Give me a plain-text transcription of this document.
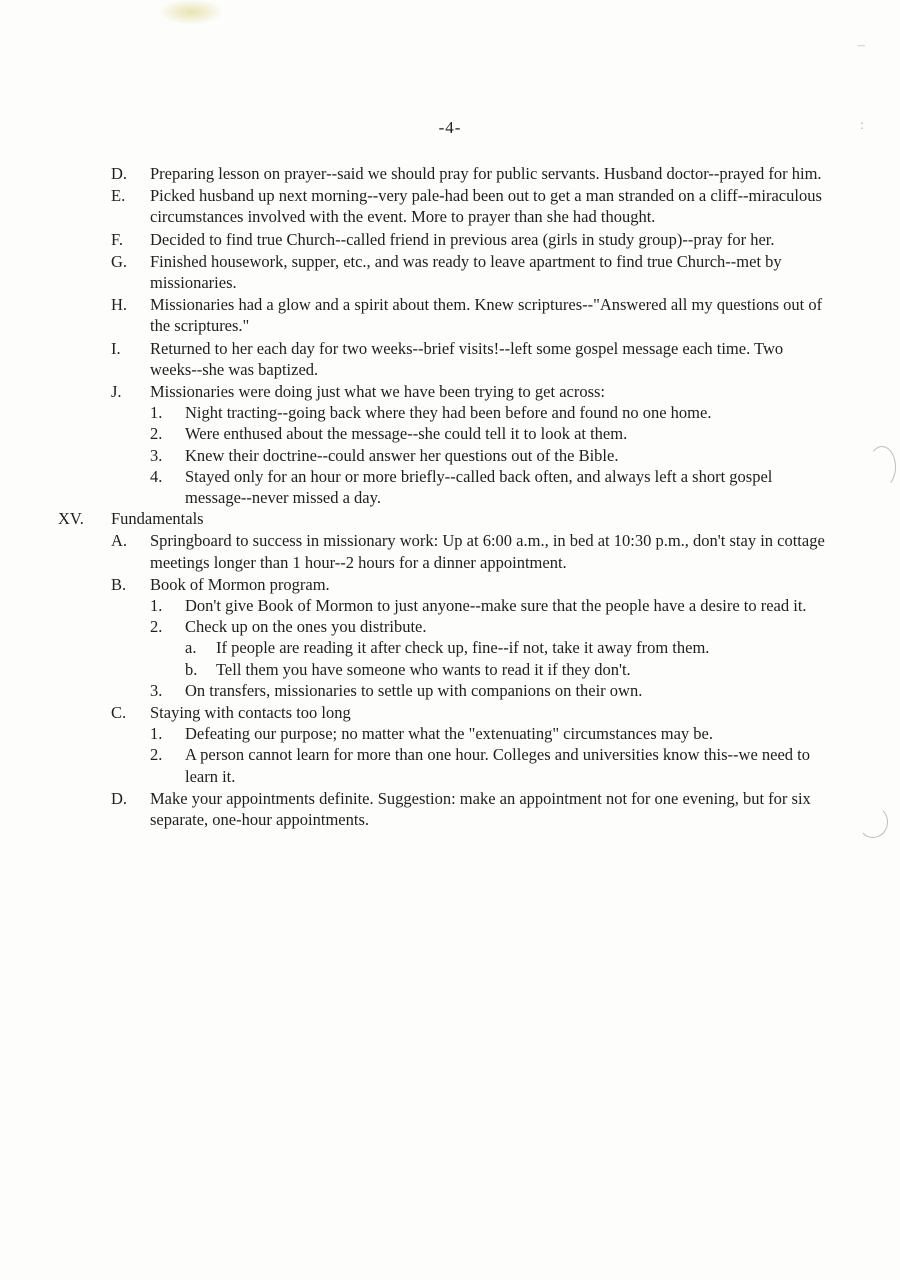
–
:
-4-
D. Preparing lesson on prayer--said we should pray for public servants. Husband doctor--prayed for him.
E. Picked husband up next morning--very pale-had been out to get a man stranded on a cliff--miraculous circumstances involved with the event. More to prayer than she had thought.
F. Decided to find true Church--called friend in previous area (girls in study group)--pray for her.
G. Finished housework, supper, etc., and was ready to leave apartment to find true Church--met by missionaries.
H. Missionaries had a glow and a spirit about them. Knew scriptures--"Answered all my questions out of the scriptures."
I. Returned to her each day for two weeks--brief visits!--left some gospel message each time. Two weeks--she was baptized.
J. Missionaries were doing just what we have been trying to get across:
1. Night tracting--going back where they had been before and found no one home.
2. Were enthused about the message--she could tell it to look at them.
3. Knew their doctrine--could answer her questions out of the Bible.
4. Stayed only for an hour or more briefly--called back often, and always left a short gospel message--never missed a day.
XV. Fundamentals
A. Springboard to success in missionary work: Up at 6:00 a.m., in bed at 10:30 p.m., don't stay in cottage meetings longer than 1 hour--2 hours for a dinner appointment.
B. Book of Mormon program.
1. Don't give Book of Mormon to just anyone--make sure that the people have a desire to read it.
2. Check up on the ones you distribute.
a. If people are reading it after check up, fine--if not, take it away from them.
b. Tell them you have someone who wants to read it if they don't.
3. On transfers, missionaries to settle up with companions on their own.
C. Staying with contacts too long
1. Defeating our purpose; no matter what the "extenuating" circumstances may be.
2. A person cannot learn for more than one hour. Colleges and universities know this--we need to learn it.
D. Make your appointments definite. Suggestion: make an appointment not for one evening, but for six separate, one-hour appointments.
